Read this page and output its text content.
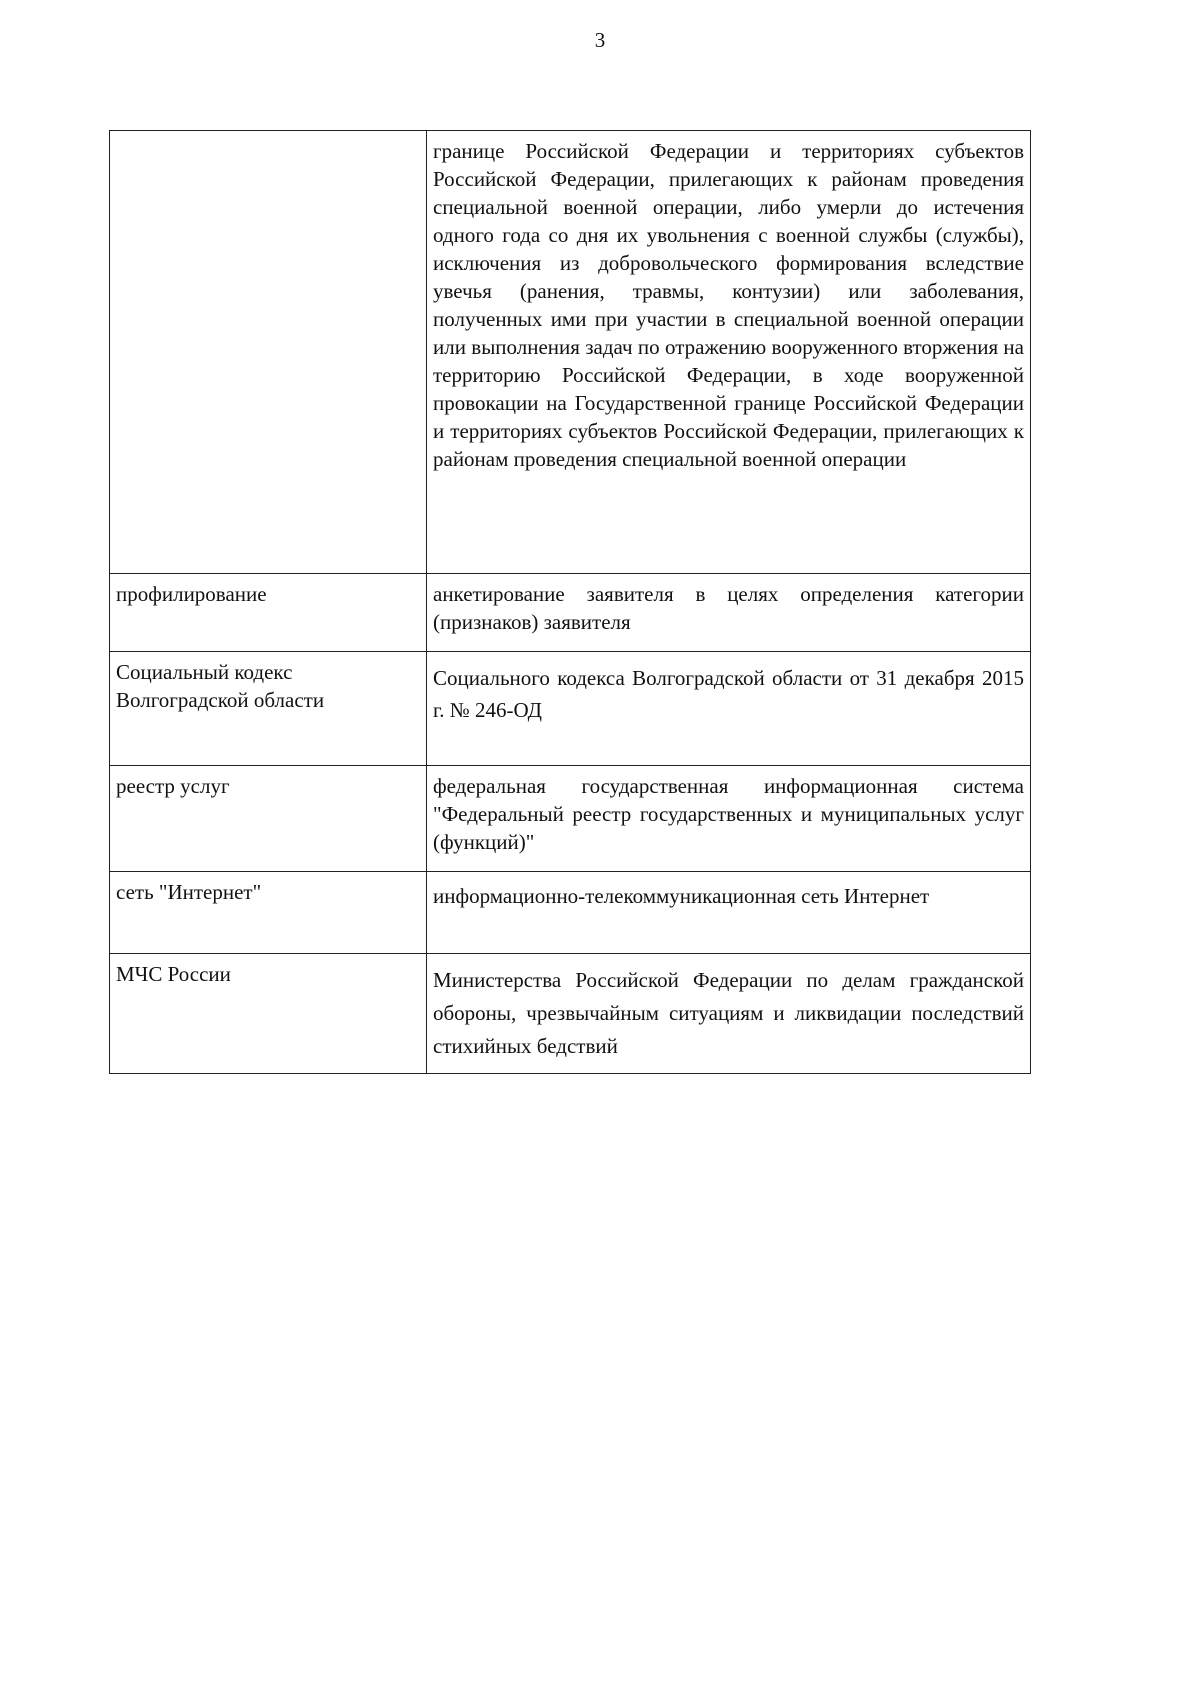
3
	границе Российской Федерации и территориях субъектов Российской Федерации, прилегающих к районам проведения специальной военной операции, либо умерли до истечения одного года со дня их увольнения с военной службы (службы), исключения из добровольческого формирования вследствие увечья (ранения, травмы, контузии) или заболевания, полученных ими при участии в специальной военной операции или выполнения задач по отражению вооруженного вторжения на территорию Российской Федерации, в ходе вооруженной провокации на Государственной границе Российской Федерации и территориях субъектов Российской Федерации, прилегающих к районам проведения специальной военной операции
профилирование	анкетирование заявителя в целях определения категории (признаков) заявителя
Социальный кодекс Волгоградской области	Социального кодекса Волгоградской области от 31 декабря 2015 г. № 246-ОД
реестр услуг	федеральная государственная информационная система "Федеральный реестр государственных и муниципальных услуг (функций)"
сеть "Интернет"	информационно-телекоммуникационная сеть Интернет
МЧС России	Министерства Российской Федерации по делам гражданской обороны, чрезвычайным ситуациям и ликвидации последствий стихийных бедствий
